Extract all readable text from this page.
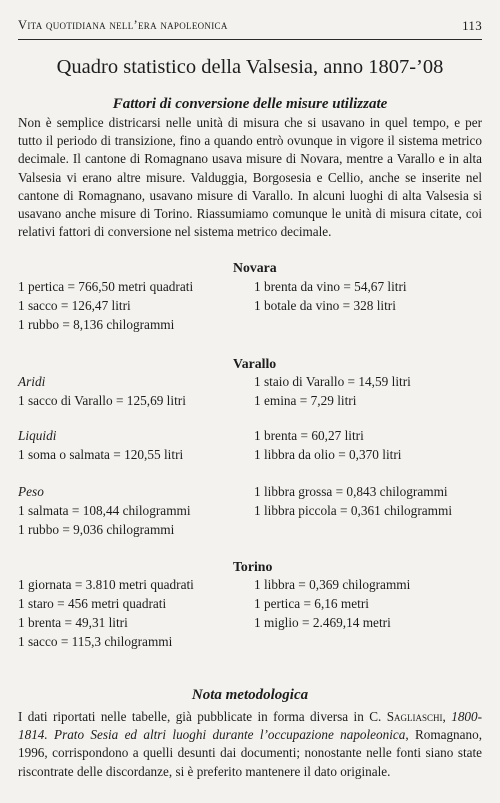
Vita quotidiana nell’era napoleonica	113
Quadro statistico della Valsesia, anno 1807-’08
Fattori di conversione delle misure utilizzate

Non è semplice districarsi nelle unità di misura che si usavano in quel tempo, e per tutto il periodo di transizione, fino a quando entrò ovunque in vigore il sistema metrico decimale. Il cantone di Romagnano usava misure di Novara, mentre a Varallo e in alta Valsesia vi erano altre misure. Valduggia, Borgosesia e Cellio, anche se inserite nel cantone di Romagnano, usavano misure di Varallo. In alcuni luoghi di alta Valsesia si usavano anche misure di Torino. Riassumiamo comunque le unità di misura citate, coi relativi fattori di conversione nel sistema metrico decimale.

Novara
1 pertica = 766,50 metri quadrati
1 sacco = 126,47 litri
1 rubbo = 8,136 chilogrammi
1 brenta da vino = 54,67 litri
1 botale da vino = 328 litri
Varallo
Aridi
1 sacco di Varallo = 125,69 litri
1 staio di Varallo = 14,59 litri
1 emina = 7,29 litri
Liquidi
1 soma o salmata = 120,55 litri
1 brenta = 60,27 litri
1 libbra da olio = 0,370 litri
Peso
1 salmata = 108,44 chilogrammi
1 rubbo = 9,036 chilogrammi
1 libbra grossa = 0,843 chilogrammi
1 libbra piccola = 0,361 chilogrammi
Torino
1 giornata = 3.810 metri quadrati
1 staro = 456 metri quadrati
1 brenta = 49,31 litri
1 sacco = 115,3 chilogrammi
1 libbra = 0,369 chilogrammi
1 pertica = 6,16 metri
1 miglio = 2.469,14 metri
Nota metodologica

I dati riportati nelle tabelle, già pubblicate in forma diversa in C. Sagliaschi, 1800-1814. Prato Sesia ed altri luoghi durante l’occupazione napoleonica, Romagnano, 1996, corrispondono a quelli desunti dai documenti; nonostante nelle fonti siano state riscontrate delle discordanze, si è preferito mantenere il dato originale.
